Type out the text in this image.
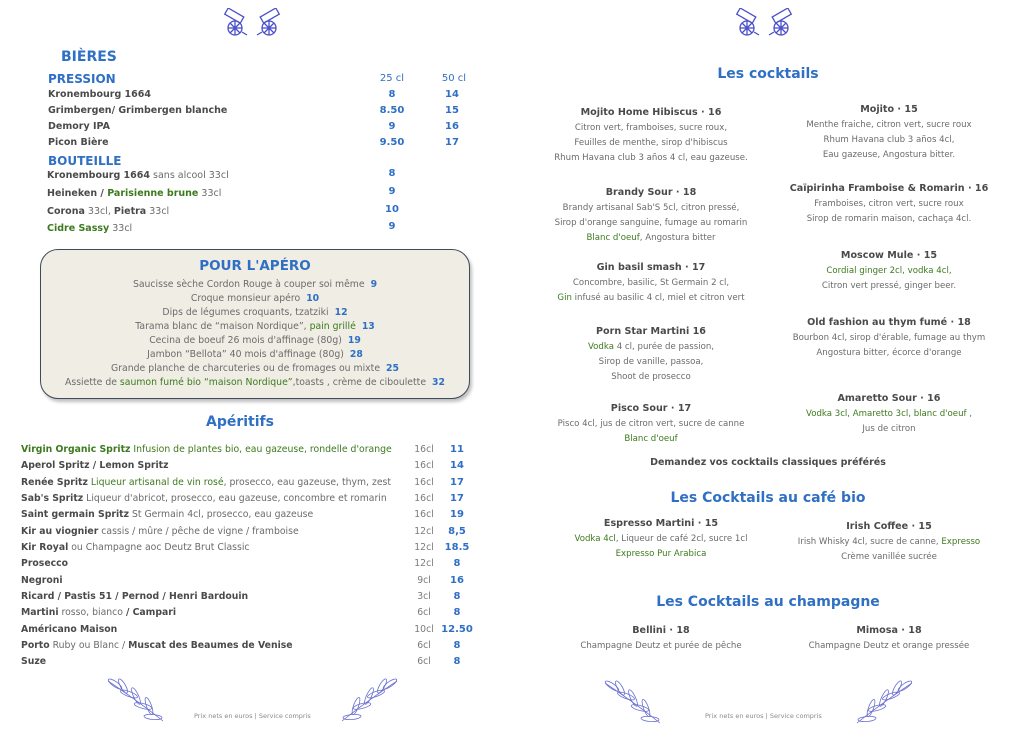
BIÈRES
PRESSION	25 cl	50 cl
Kronembourg 1664	8	14
Grimbergen/ Grimbergen blanche	8.50	15
Demory IPA	9	16
Picon Bière	9.50	17
BOUTEILLE
Kronembourg 1664 sans alcool 33cl	8
Heineken / Parisienne brune 33cl	9
Corona 33cl, Pietra 33cl	10
Cidre Sassy 33cl	9
POUR L'APÉRO
Saucisse sèche Cordon Rouge à couper soi même 9
Croque monsieur apéro 10
Dips de légumes croquants, tzatziki 12
Tarama blanc de “maison Nordique”, pain grillé 13
Cecina de boeuf 26 mois d'affinage (80g) 19
Jambon “Bellota” 40 mois d'affinage (80g) 28
Grande planche de charcuteries ou de fromages ou mixte 25
Assiette de saumon fumé bio “maison Nordique”,toasts , crème de ciboulette 32
Apéritifs
Virgin Organic Spritz Infusion de plantes bio, eau gazeuse, rondelle d'orange 16cl	11
Aperol Spritz / Lemon Spritz	16cl	14
Renée Spritz Liqueur artisanal de vin rosé, prosecco, eau gazeuse, thym, zest 16cl	17
Sab's Spritz Liqueur d'abricot, prosecco, eau gazeuse, concombre et romarin	16cl	17
Saint germain Spritz St Germain 4cl, prosecco, eau gazeuse	16cl	19
Kir au viognier cassis / mûre / pêche de vigne / framboise	12cl	8,5
Kir Royal ou Champagne aoc Deutz Brut Classic	12cl	18.5
Prosecco	12cl	8
Negroni	9cl	16
Ricard / Pastis 51 / Pernod / Henri Bardouin	3cl	8
Martini rosso, bianco / Campari	6cl	8
Américano Maison	10cl 12.50
Porto Ruby ou Blanc / Muscat des Beaumes de Venise	6cl	8
Suze	6cl	8
Prix nets en euros | Service compris
Les cocktails
Mojito Home Hibiscus · 16
Citron vert, framboises, sucre roux,
Feuilles de menthe, sirop d'hibiscus
Rhum Havana club 3 años 4 cl, eau gazeuse.
Brandy Sour · 18
Brandy artisanal Sab'S 5cl, citron pressé,
Sirop d'orange sanguine, fumage au romarin
Blanc d'oeuf, Angostura bitter
Gin basil smash · 17
Concombre, basilic, St Germain 2 cl,
Gin infusé au basilic 4 cl, miel et citron vert
Porn Star Martini 16
Vodka 4 cl, purée de passion,
Sirop de vanille, passoa,
Shoot de prosecco
Pisco Sour · 17
Pisco 4cl, jus de citron vert, sucre de canne
Blanc d'oeuf
Mojito · 15
Menthe fraiche, citron vert, sucre roux
Rhum Havana club 3 años 4cl,
Eau gazeuse, Angostura bitter.
Caïpirinha Framboise & Romarin · 16
Framboises, citron vert, sucre roux
Sirop de romarin maison, cachaça 4cl.
Moscow Mule · 15
Cordial ginger 2cl, vodka 4cl,
Citron vert pressé, ginger beer.
Old fashion au thym fumé · 18
Bourbon 4cl, sirop d'érable, fumage au thym
Angostura bitter, écorce d'orange
Amaretto Sour · 16
Vodka 3cl, Amaretto 3cl, blanc d'oeuf ,
Jus de citron
Demandez vos cocktails classiques préférés
Les Cocktails au café bio
Espresso Martini · 15
Vodka 4cl, Liqueur de café 2cl, sucre 1cl
Expresso Pur Arabica
Irish Coffee · 15
Irish Whisky 4cl, sucre de canne, Expresso
Crème vanillée sucrée
Les Cocktails au champagne
Bellini · 18
Champagne Deutz et purée de pêche
Mimosa · 18
Champagne Deutz et orange pressée
Prix nets en euros | Service compris
